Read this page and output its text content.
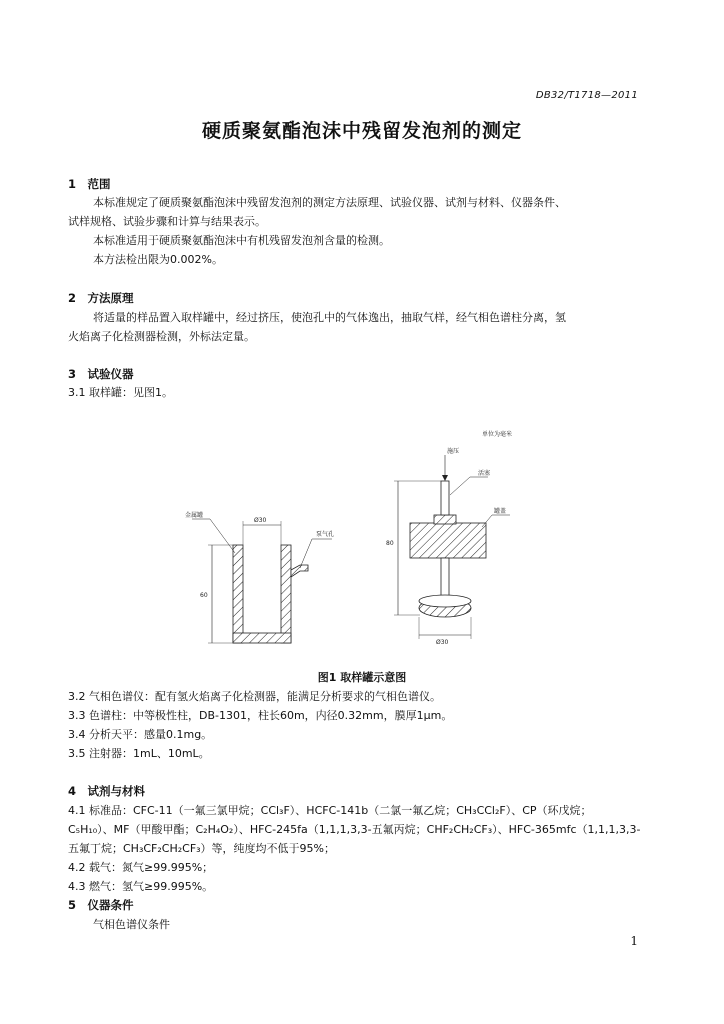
DB32/T1718—2011
硬质聚氨酯泡沫中残留发泡剂的测定
1　范围
本标准规定了硬质聚氨酯泡沫中残留发泡剂的测定方法原理、试验仪器、试剂与材料、仪器条件、
试样规格、试验步骤和计算与结果表示。
本标准适用于硬质聚氨酯泡沫中有机残留发泡剂含量的检测。
本方法检出限为0.002%。
2　方法原理
将适量的样品置入取样罐中，经过挤压，使泡孔中的气体逸出，抽取气样，经气相色谱柱分离，氢
火焰离子化检测器检测，外标法定量。
3　试验仪器
3.1 取样罐：见图1。
单位为毫米
金属罐
泵气孔
施压
活塞
罐盖
Ø30
60
80
Ø30
图1 取样罐示意图
3.2 气相色谱仪：配有氢火焰离子化检测器，能满足分析要求的气相色谱仪。
3.3 色谱柱：中等极性柱，DB-1301，柱长60m，内径0.32mm，膜厚1μm。
3.4 分析天平：感量0.1mg。
3.5 注射器：1mL、10mL。
4　试剂与材料
4.1 标准品：CFC-11（一氟三氯甲烷；CCl₃F）、HCFC-141b（二氯一氟乙烷；CH₃CCl₂F）、CP（环戊烷；
C₅H₁₀）、MF（甲酸甲酯；C₂H₄O₂）、HFC-245fa（1,1,1,3,3-五氟丙烷；CHF₂CH₂CF₃）、HFC-365mfc（1,1,1,3,3-
五氟丁烷；CH₃CF₂CH₂CF₃）等，纯度均不低于95%；
4.2 载气：氮气≥99.995%；
4.3 燃气：氢气≥99.995%。
5　仪器条件
气相色谱仪条件
1
